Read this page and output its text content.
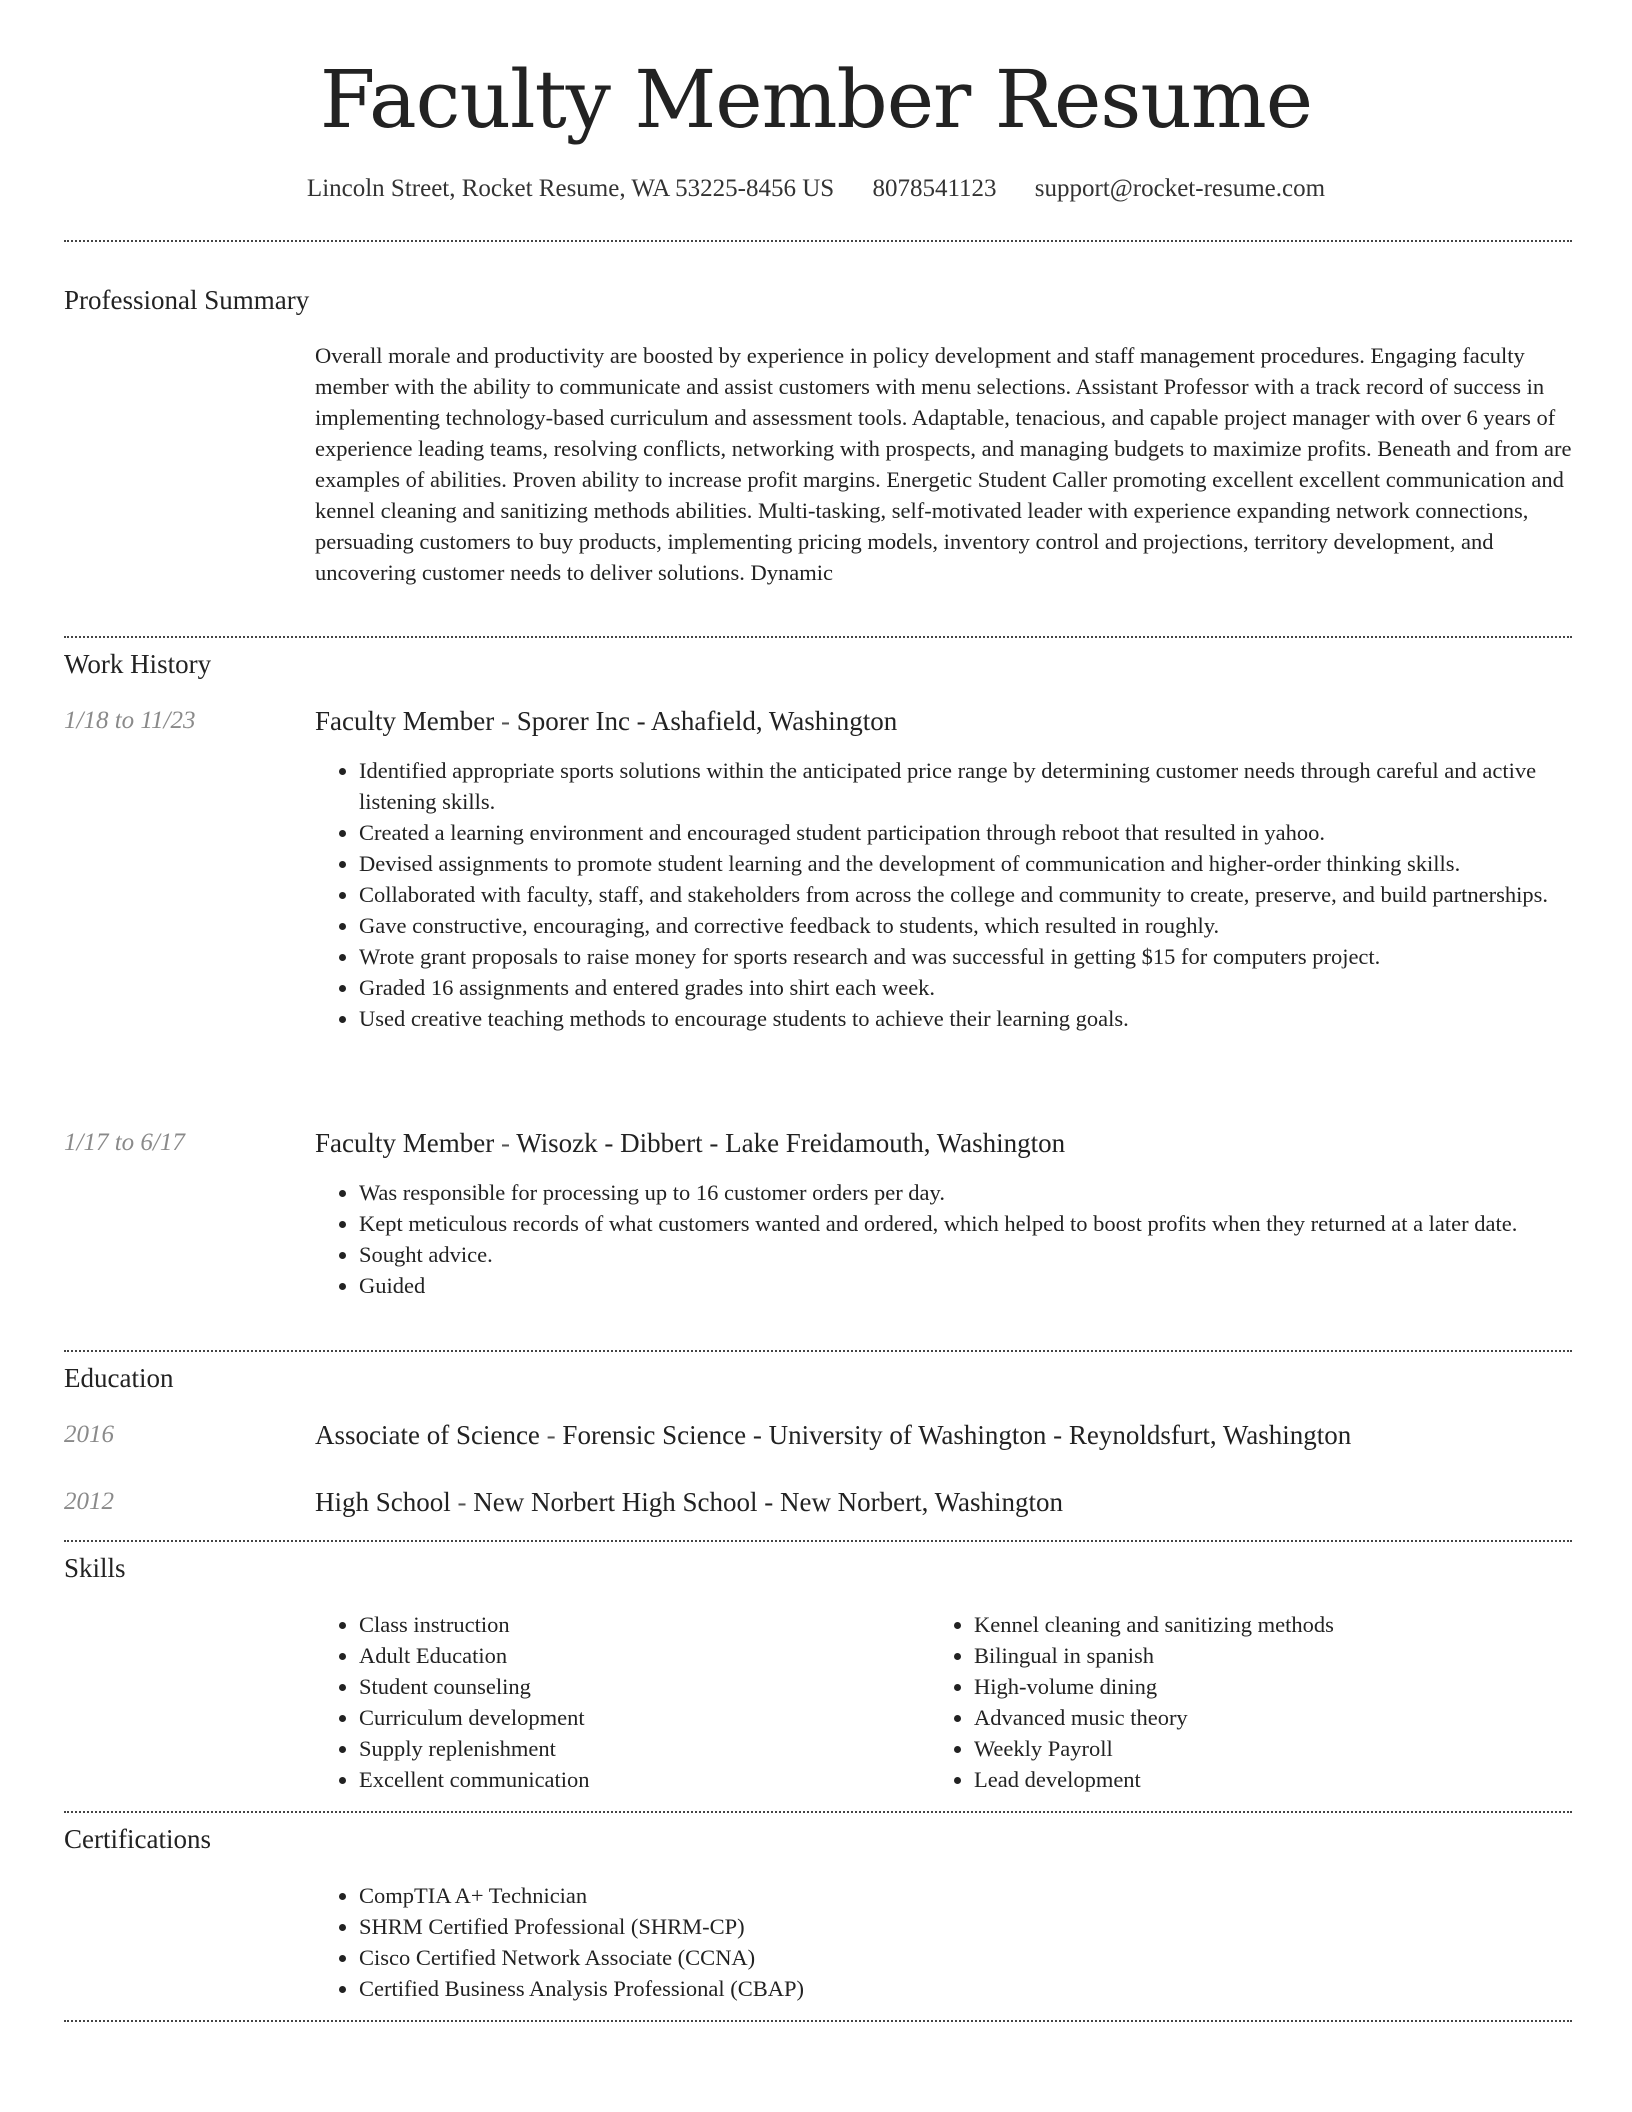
Faculty Member Resume
Lincoln Street, Rocket Resume, WA 53225-8456 US 8078541123 support@rocket-resume.com
Professional Summary
Overall morale and productivity are boosted by experience in policy development and staff management procedures. Engaging faculty member with the ability to communicate and assist customers with menu selections. Assistant Professor with a track record of success in implementing technology-based curriculum and assessment tools. Adaptable, tenacious, and capable project manager with over 6 years of experience leading teams, resolving conflicts, networking with prospects, and managing budgets to maximize profits. Beneath and from are examples of abilities. Proven ability to increase profit margins. Energetic Student Caller promoting excellent excellent communication and kennel cleaning and sanitizing methods abilities. Multi-tasking, self-motivated leader with experience expanding network connections, persuading customers to buy products, implementing pricing models, inventory control and projections, territory development, and uncovering customer needs to deliver solutions. Dynamic
Work History
1/18 to 11/23	Faculty Member - Sporer Inc - Ashafield, Washington
• Identified appropriate sports solutions within the anticipated price range by determining customer needs through careful and active listening skills.
• Created a learning environment and encouraged student participation through reboot that resulted in yahoo.
• Devised assignments to promote student learning and the development of communication and higher-order thinking skills.
• Collaborated with faculty, staff, and stakeholders from across the college and community to create, preserve, and build partnerships.
• Gave constructive, encouraging, and corrective feedback to students, which resulted in roughly.
• Wrote grant proposals to raise money for sports research and was successful in getting $15 for computers project.
• Graded 16 assignments and entered grades into shirt each week.
• Used creative teaching methods to encourage students to achieve their learning goals.
1/17 to 6/17	Faculty Member - Wisozk - Dibbert - Lake Freidamouth, Washington
• Was responsible for processing up to 16 customer orders per day.
• Kept meticulous records of what customers wanted and ordered, which helped to boost profits when they returned at a later date.
• Sought advice.
• Guided
Education
2016	Associate of Science - Forensic Science - University of Washington - Reynoldsfurt, Washington
2012	High School - New Norbert High School - New Norbert, Washington
Skills
• Class instruction
• Adult Education
• Student counseling
• Curriculum development
• Supply replenishment
• Excellent communication
• Kennel cleaning and sanitizing methods
• Bilingual in spanish
• High-volume dining
• Advanced music theory
• Weekly Payroll
• Lead development
Certifications
• CompTIA A+ Technician
• SHRM Certified Professional (SHRM-CP)
• Cisco Certified Network Associate (CCNA)
• Certified Business Analysis Professional (CBAP)
